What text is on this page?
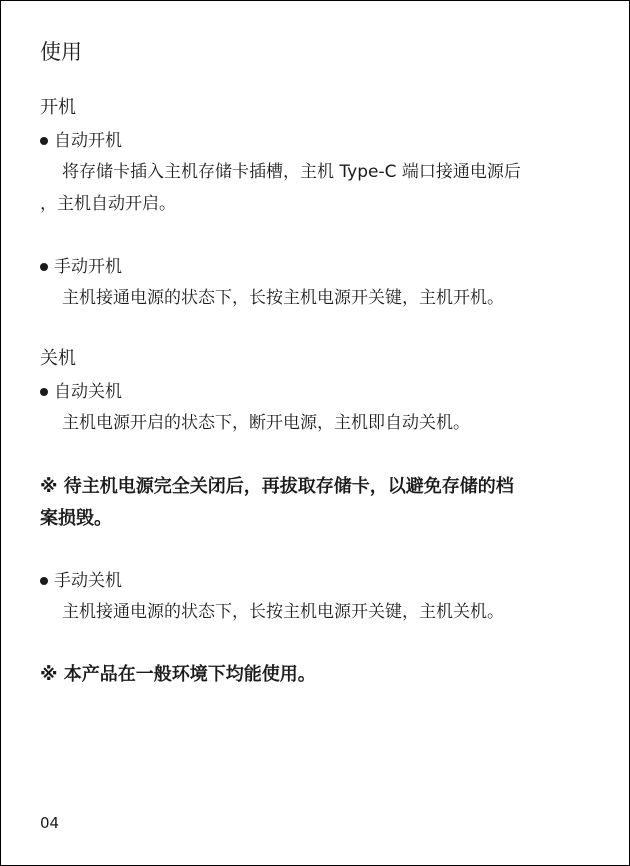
使用
开机
自动开机
将存储卡插入主机存储卡插槽，主机 Type-C 端口接通电源后
，主机自动开启。
手动开机
主机接通电源的状态下，长按主机电源开关键，主机开机。
关机
自动关机
主机电源开启的状态下，断开电源，主机即自动关机。
※ 待主机电源完全关闭后，再拔取存储卡，以避免存储的档
案损毁。
手动关机
主机接通电源的状态下，长按主机电源开关键，主机关机。
※ 本产品在一般环境下均能使用。
04
